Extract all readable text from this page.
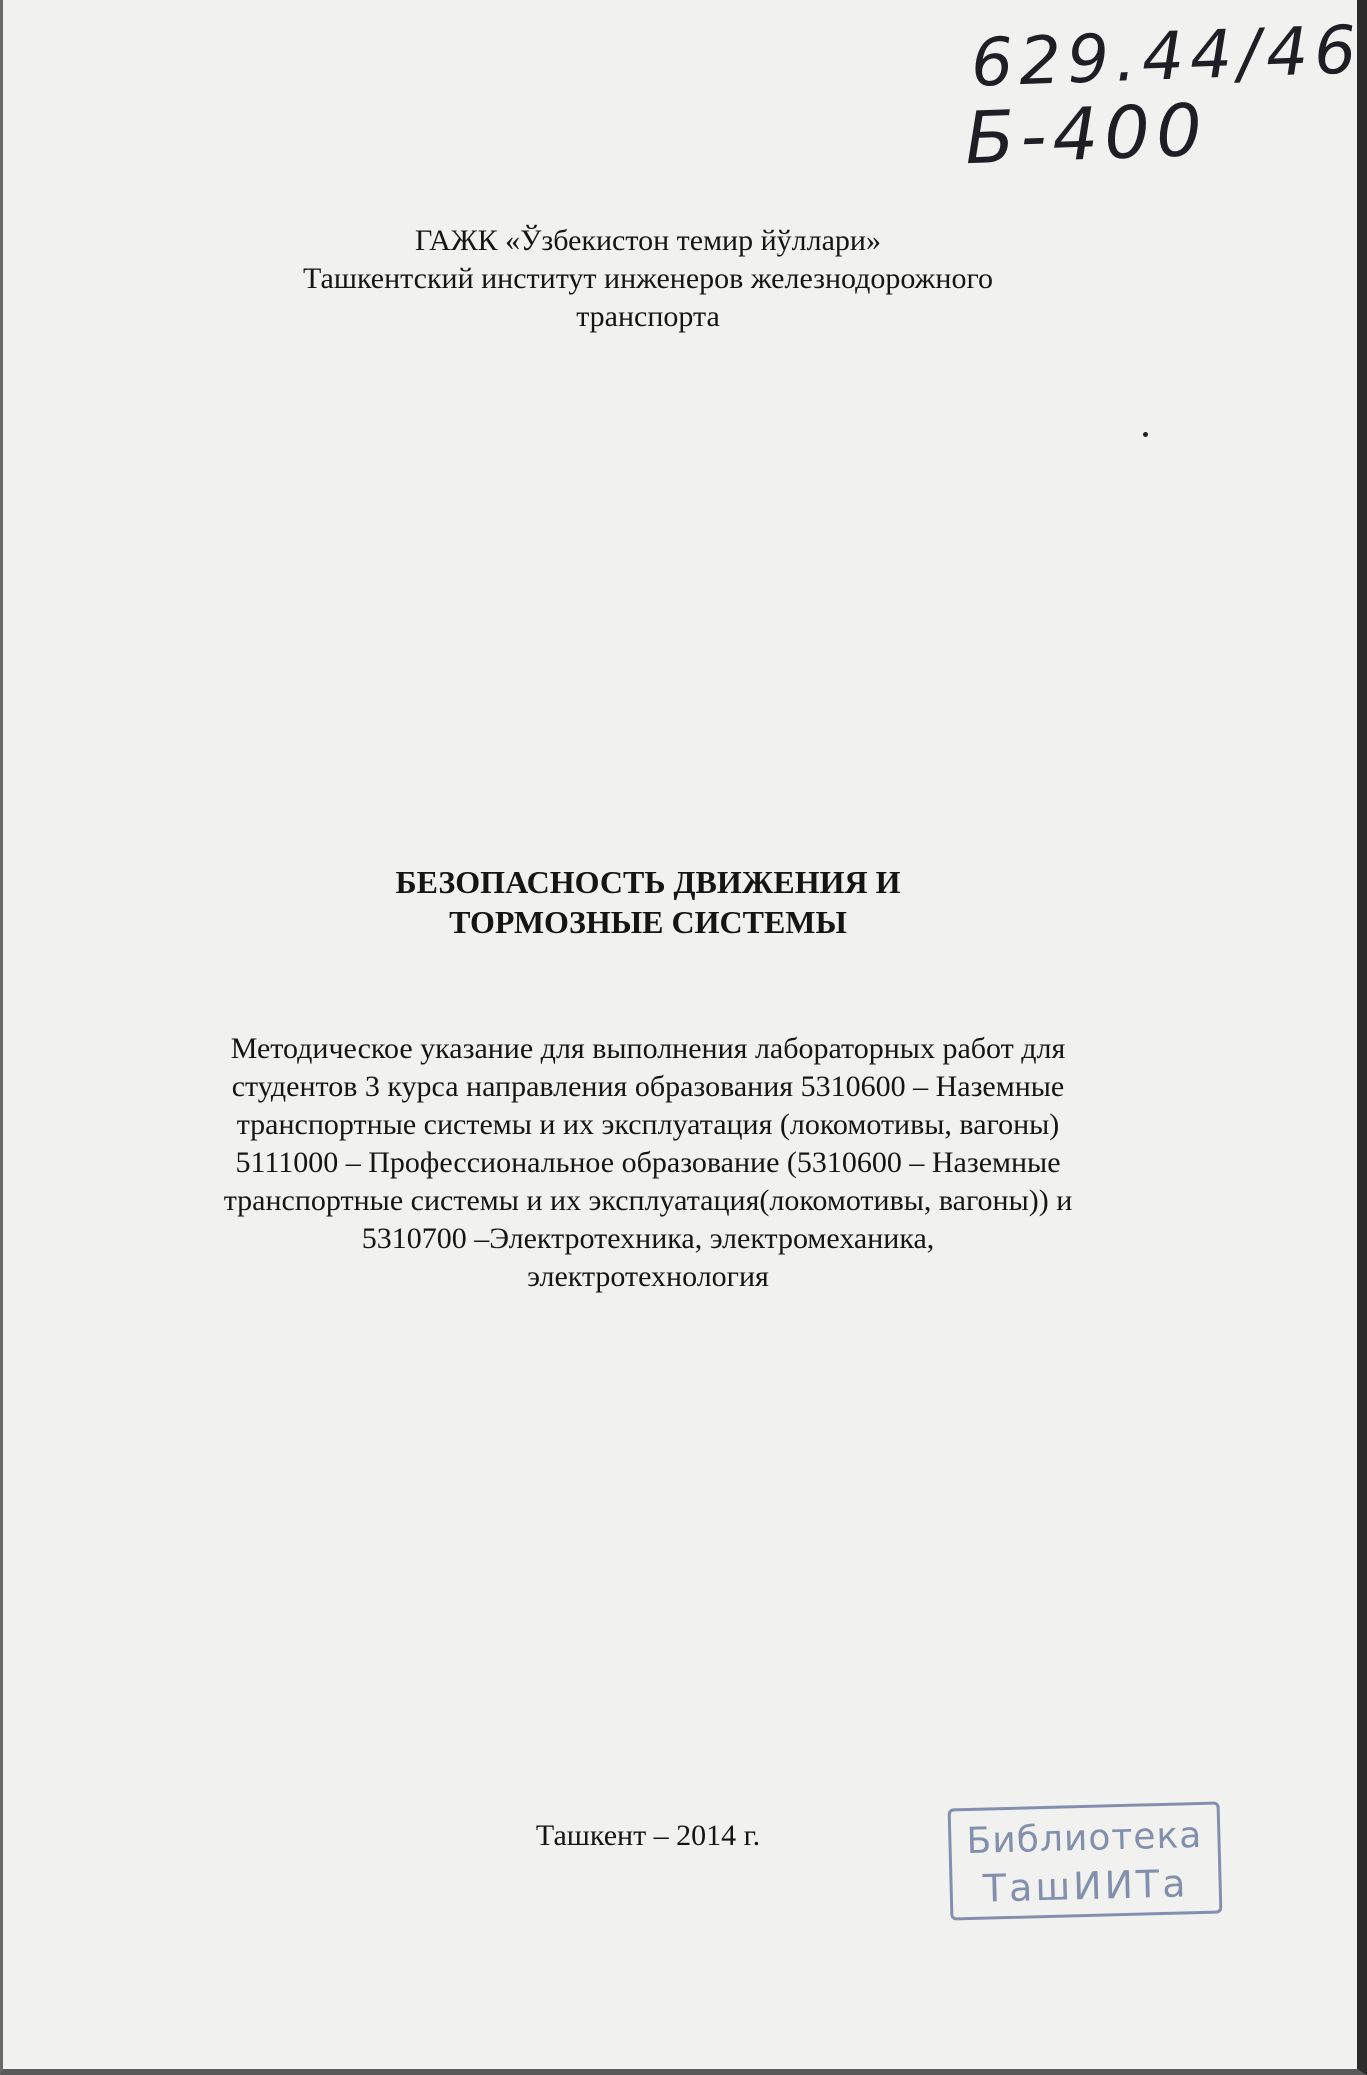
629.44/46
Б-400
ГАЖК «Ўзбекистон темир йўллари»
Ташкентский институт инженеров железнодорожного
транспорта
БЕЗОПАСНОСТЬ ДВИЖЕНИЯ И
ТОРМОЗНЫЕ СИСТЕМЫ
Методическое указание для выполнения лабораторных работ для
студентов 3 курса направления образования 5310600 – Наземные
транспортные системы и их эксплуатация (локомотивы, вагоны)
5111000 – Профессиональное образование (5310600 – Наземные
транспортные системы и их эксплуатация(локомотивы, вагоны)) и
5310700 –Электротехника, электромеханика,
электротехнология
Ташкент – 2014 г.	Библиотека
ТашИИТа
